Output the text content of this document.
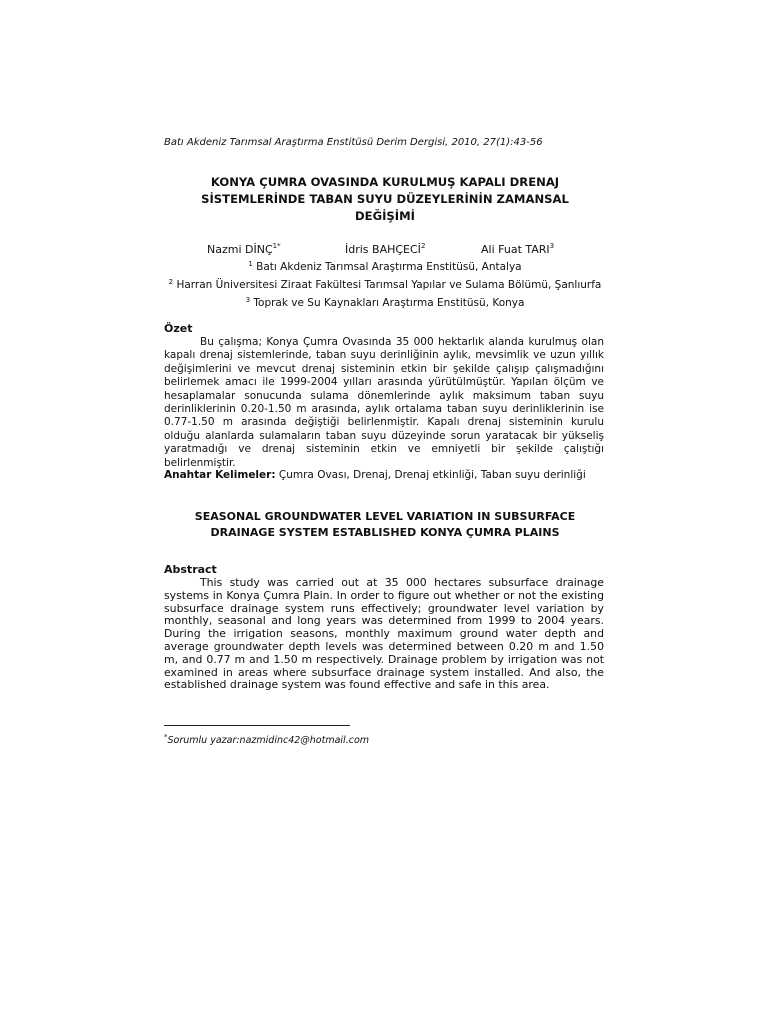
Batı Akdeniz Tarımsal Araştırma Enstitüsü Derim Dergisi, 2010, 27(1):43-56
KONYA ÇUMRA OVASINDA KURULMUŞ KAPALI DRENAJ
SİSTEMLERİNDE TABAN SUYU DÜZEYLERİNİN ZAMANSAL
DEĞİŞİMİ
Nazmi $DİNÇ^{1*}$	İdris BAHÇECİ$^2$	Ali Fuat TARI$^3$
$^1$ Batı Akdeniz Tarımsal Araştırma Enstitüsü, Antalya
$^2$ Harran Üniversitesi Ziraat Fakültesi Tarımsal Yapılar ve Sulama Bölümü, Şanlıurfa
$^3$ Toprak ve Su Kaynakları Araştırma Enstitüsü, Konya
Özet
Bu çalışma; Konya Çumra Ovasında 35 000 hektarlık alanda kurulmuş olan kapalı drenaj sistemlerinde, taban suyu derinliğinin aylık, mevsimlik ve uzun yıllık değişimlerini ve mevcut drenaj sisteminin etkin bir şekilde çalışıp çalışmadığını belirlemek amacı ile 1999-2004 yılları arasında yürütülmüştür. Yapılan ölçüm ve hesaplamalar sonucunda sulama dönemlerinde aylık maksimum taban suyu derinliklerinin 0.20-1.50 m arasında, aylık ortalama taban suyu derinliklerinin ise 0.77-1.50 m arasında değiştiği belirlenmiştir. Kapalı drenaj sisteminin kurulu olduğu alanlarda sulamaların taban suyu düzeyinde sorun yaratacak bir yükseliş yaratmadığı ve drenaj sisteminin etkin ve emniyetli bir şekilde çalıştığı belirlenmiştir.
Anahtar Kelimeler: Çumra Ovası, Drenaj, Drenaj etkinliği, Taban suyu derinliği
SEASONAL GROUNDWATER LEVEL VARIATION IN SUBSURFACE
DRAINAGE SYSTEM ESTABLISHED KONYA ÇUMRA PLAINS
Abstract
This study was carried out at 35 000 hectares subsurface drainage systems in Konya Çumra Plain. In order to figure out whether or not the existing subsurface drainage system runs effectively; groundwater level variation by monthly, seasonal and long years was determined from 1999 to 2004 years. During the irrigation seasons, monthly maximum ground water depth and average groundwater depth levels was determined between 0.20 m and 1.50 m, and 0.77 m and 1.50 m respectively. Drainage problem by irrigation was not examined in areas where subsurface drainage system installed. And also, the established drainage system was found effective and safe in this area.
*Sorumlu yazar:nazmidinc42@hotmail.com
